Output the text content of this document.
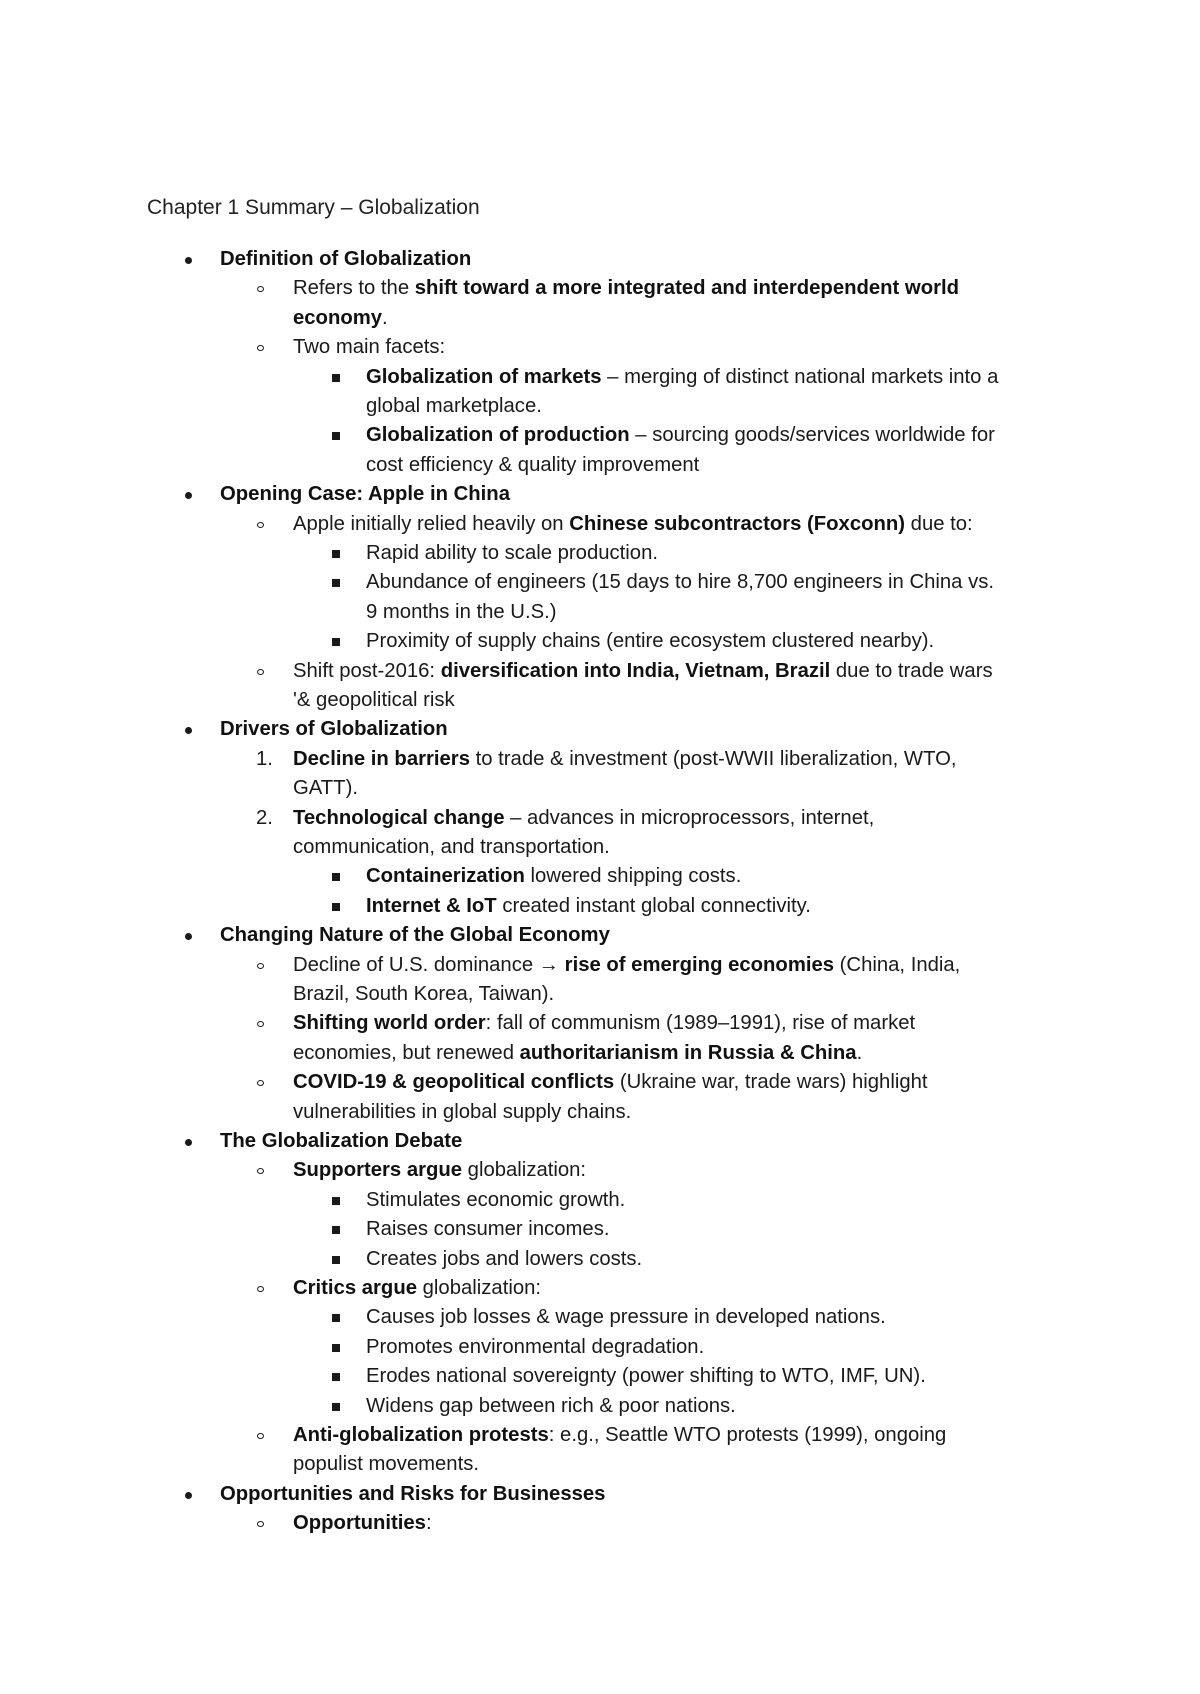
Chapter 1 Summary – Globalization
Definition of Globalization
Refers to the shift toward a more integrated and interdependent world
economy.
Two main facets:
Globalization of markets – merging of distinct national markets into a
global marketplace.
Globalization of production – sourcing goods/services worldwide for
cost efficiency & quality improvement
Opening Case: Apple in China
Apple initially relied heavily on Chinese subcontractors (Foxconn) due to:
Rapid ability to scale production.
Abundance of engineers (15 days to hire 8,700 engineers in China vs.
9 months in the U.S.)
Proximity of supply chains (entire ecosystem clustered nearby).
Shift post-2016: diversification into India, Vietnam, Brazil due to trade wars
'& geopolitical risk
Drivers of Globalization
1. Decline in barriers to trade & investment (post-WWII liberalization, WTO,
GATT).
2. Technological change – advances in microprocessors, internet,
communication, and transportation.
Containerization lowered shipping costs.
Internet & IoT created instant global connectivity.
Changing Nature of the Global Economy
Decline of U.S. dominance → rise of emerging economies (China, India,
Brazil, South Korea, Taiwan).
Shifting world order: fall of communism (1989–1991), rise of market
economies, but renewed authoritarianism in Russia & China.
COVID-19 & geopolitical conflicts (Ukraine war, trade wars) highlight
vulnerabilities in global supply chains.
The Globalization Debate
Supporters argue globalization:
Stimulates economic growth.
Raises consumer incomes.
Creates jobs and lowers costs.
Critics argue globalization:
Causes job losses & wage pressure in developed nations.
Promotes environmental degradation.
Erodes national sovereignty (power shifting to WTO, IMF, UN).
Widens gap between rich & poor nations.
Anti-globalization protests: e.g., Seattle WTO protests (1999), ongoing
populist movements.
Opportunities and Risks for Businesses
Opportunities:
